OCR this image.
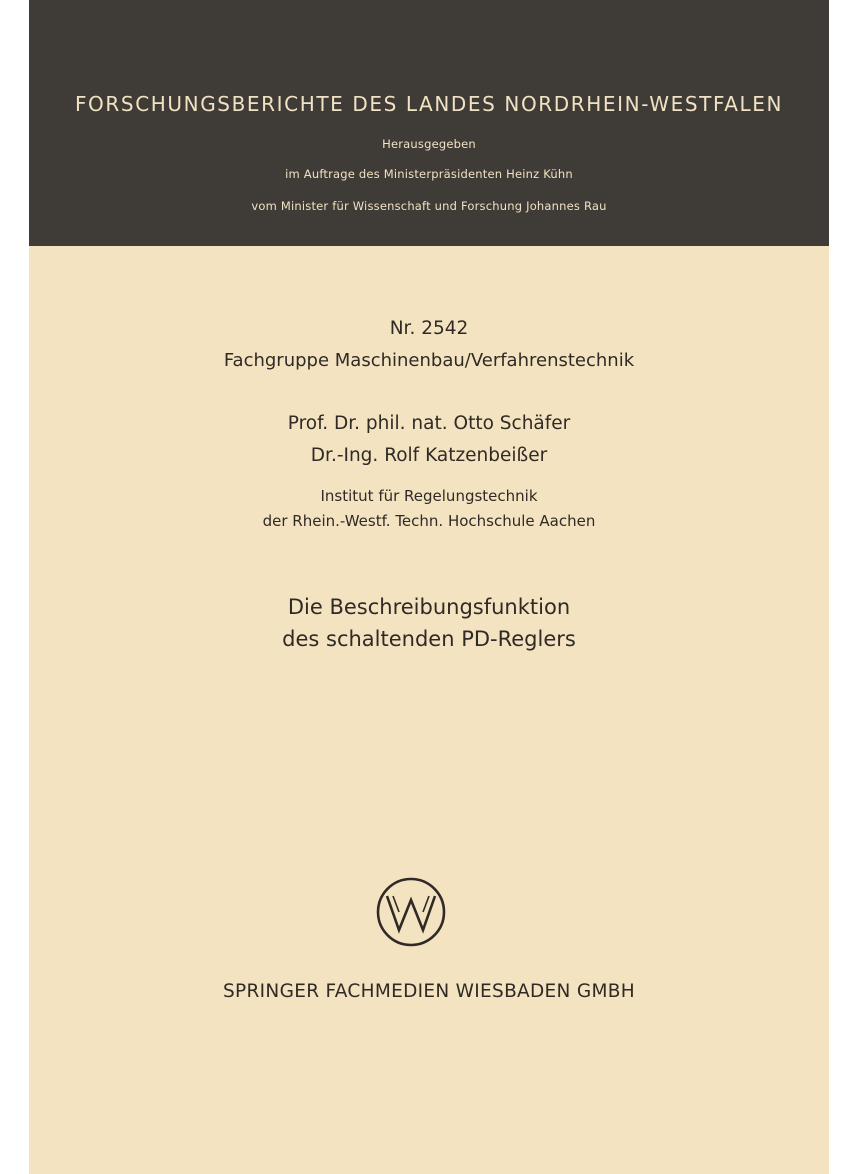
FORSCHUNGSBERICHTE DES LANDES NORDRHEIN-WESTFALEN
Herausgegeben
im Auftrage des Ministerpräsidenten Heinz Kühn
vom Minister für Wissenschaft und Forschung Johannes Rau
Nr. 2542
Fachgruppe Maschinenbau/Verfahrenstechnik
Prof. Dr. phil. nat. Otto Schäfer
Dr.-Ing. Rolf Katzenbeißer
Institut für Regelungstechnik
der Rhein.-Westf. Techn. Hochschule Aachen
Die Beschreibungsfunktion
des schaltenden PD-Reglers
SPRINGER FACHMEDIEN WIESBADEN GMBH
